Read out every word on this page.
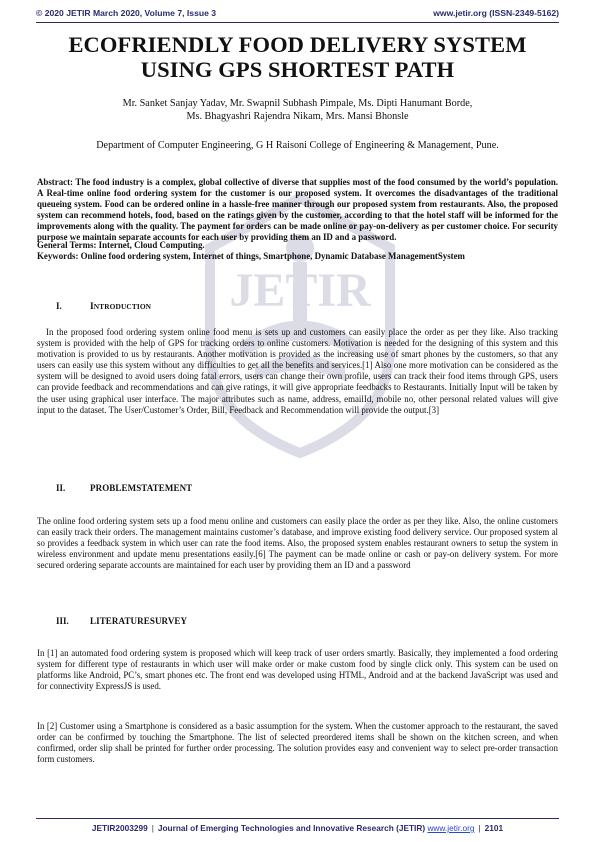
© 2020 JETIR March 2020, Volume 7, Issue 3	www.jetir.org (ISSN-2349-5162)
JETIR
ECOFRIENDLY FOOD DELIVERY SYSTEM
USING GPS SHORTEST PATH
Mr. Sanket Sanjay Yadav, Mr. Swapnil Subhash Pimpale, Ms. Dipti Hanumant Borde,
Ms. Bhagyashri Rajendra Nikam, Mrs. Mansi Bhonsle
Department of Computer Engineering, G H Raisoni College of Engineering & Management, Pune.
Abstract: The food industry is a complex, global collective of diverse that supplies most of the food consumed by the world’s population. A Real-time online food ordering system for the customer is our proposed system. It overcomes the disadvantages of the traditional queueing system. Food can be ordered online in a hassle-free manner through our proposed system from restaurants. Also, the proposed system can recommend hotels, food, based on the ratings given by the customer, according to that the hotel staff will be informed for the improvements along with the quality. The payment for orders can be made online or pay-on-delivery as per customer choice. For security purpose we maintain separate accounts for each user by providing them an ID and a password.
General Terms: Internet, Cloud Computing.
Keywords: Online food ordering system, Internet of things, Smartphone, Dynamic Database ManagementSystem
I.	INTRODUCTION
In the proposed food ordering system online food menu is sets up and customers can easily place the order as per they like. Also tracking system is provided with the help of GPS for tracking orders to online customers. Motivation is needed for the designing of this system and this motivation is provided to us by restaurants. Another motivation is provided as the increasing use of smart phones by the customers, so that any users can easily use this system without any difficulties to get all the benefits and services.[1] Also one more motivation can be considered as the system will be designed to avoid users doing fatal errors, users can change their own profile, users can track their food items through GPS, users can provide feedback and recommendations and can give ratings, it will give appropriate feedbacks to Restaurants. Initially Input will be taken by the user using graphical user interface. The major attributes such as name, address, emailId, mobile no, other personal related values will give input to the dataset. The User/Customer’s Order, Bill, Feedback and Recommendation will provide the output.[3]
II.	PROBLEMSTATEMENT
The online food ordering system sets up a food menu online and customers can easily place the order as per they like. Also, the online customers can easily track their orders. The management maintains customer’s database, and improve existing food delivery service. Our proposed system al so provides a feedback system in which user can rate the food items. Also, the proposed system enables restaurant owners to setup the system in wireless environment and update menu presentations easily.[6] The payment can be made online or cash or pay-on delivery system. For more secured ordering separate accounts are maintained for each user by providing them an ID and a password
III. LITERATURESURVEY
In [1] an automated food ordering system is proposed which will keep track of user orders smartly. Basically, they implemented a food ordering system for different type of restaurants in which user will make order or make custom food by single click only. This system can be used on platforms like Android, PC’s, smart phones etc. The front end was developed using HTML, Android and at the backend JavaScript was used and for connectivity ExpressJS is used.
In [2] Customer using a Smartphone is considered as a basic assumption for the system. When the customer approach to the restaurant, the saved order can be confirmed by touching the Smartphone. The list of selected preordered items shall be shown on the kitchen screen, and when confirmed, order slip shall be printed for further order processing. The solution provides easy and convenient way to select pre-order transaction form customers.
JETIR2003299 | Journal of Emerging Technologies and Innovative Research (JETIR) www.jetir.org | 2101
